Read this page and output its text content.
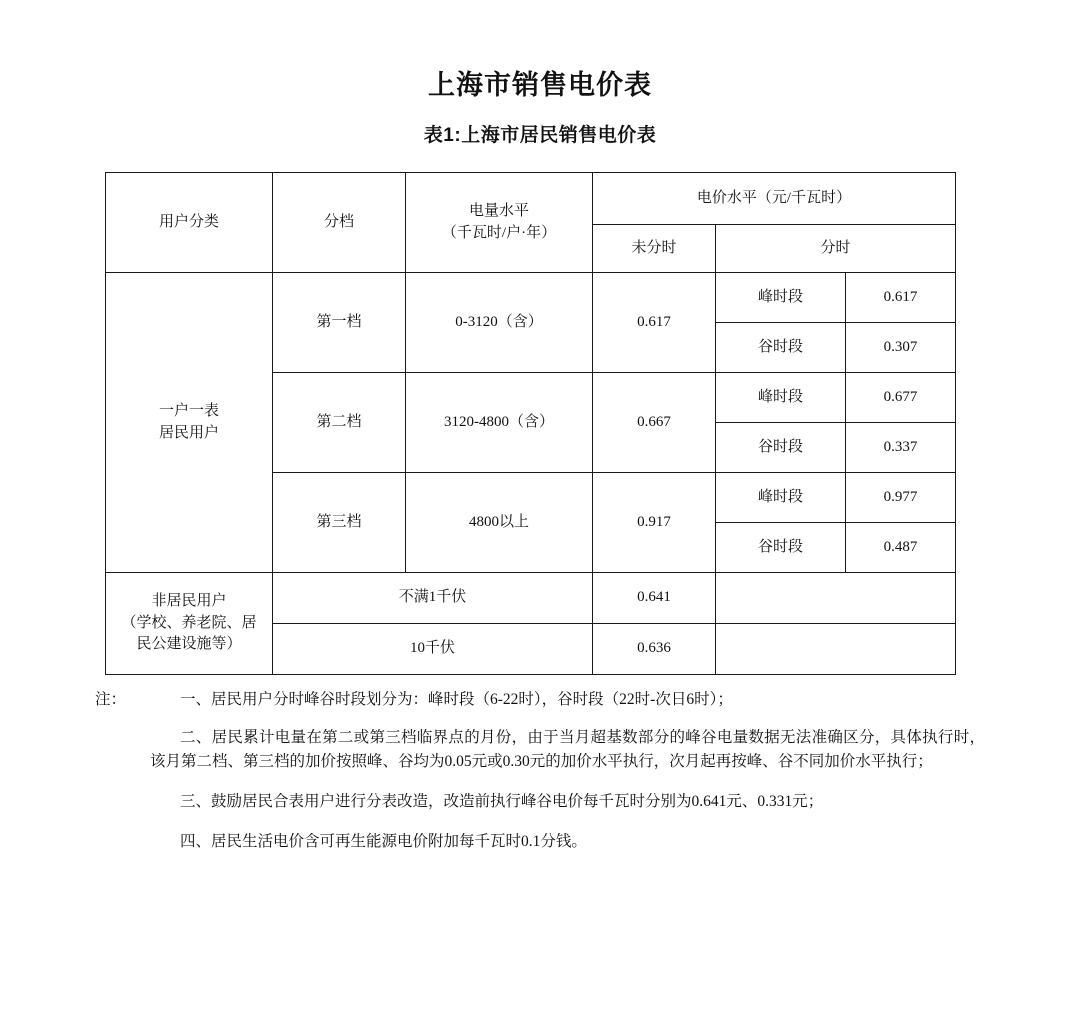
上海市销售电价表
表1:上海市居民销售电价表
用户分类	分档	电量水平
（千瓦时/户·年）	电价水平（元/千瓦时）		
			未分时	分时	

一户一表
居民用户	第一档	0-3120（含）	0.617	峰时段	0.617
				谷时段	0.307
	第二档	3120-4800（含）	0.667	峰时段	0.677
				谷时段	0.337
	第三档	4800以上	0.917	峰时段	0.977
				谷时段	0.487

非居民用户
（学校、养老院、居
民公建设施等）	不满1千伏		0.641		
	10千伏		0.636		
注：	一、居民用户分时峰谷时段划分为：峰时段（6-22时），谷时段（22时-次日6时）；
二、居民累计电量在第二或第三档临界点的月份，由于当月超基数部分的峰谷电量数据无法准确区分，具体执行时，该月第二档、第三档的加价按照峰、谷均为0.05元或0.30元的加价水平执行，次月起再按峰、谷不同加价水平执行；
三、鼓励居民合表用户进行分表改造，改造前执行峰谷电价每千瓦时分别为0.641元、0.331元；
四、居民生活电价含可再生能源电价附加每千瓦时0.1分钱。
